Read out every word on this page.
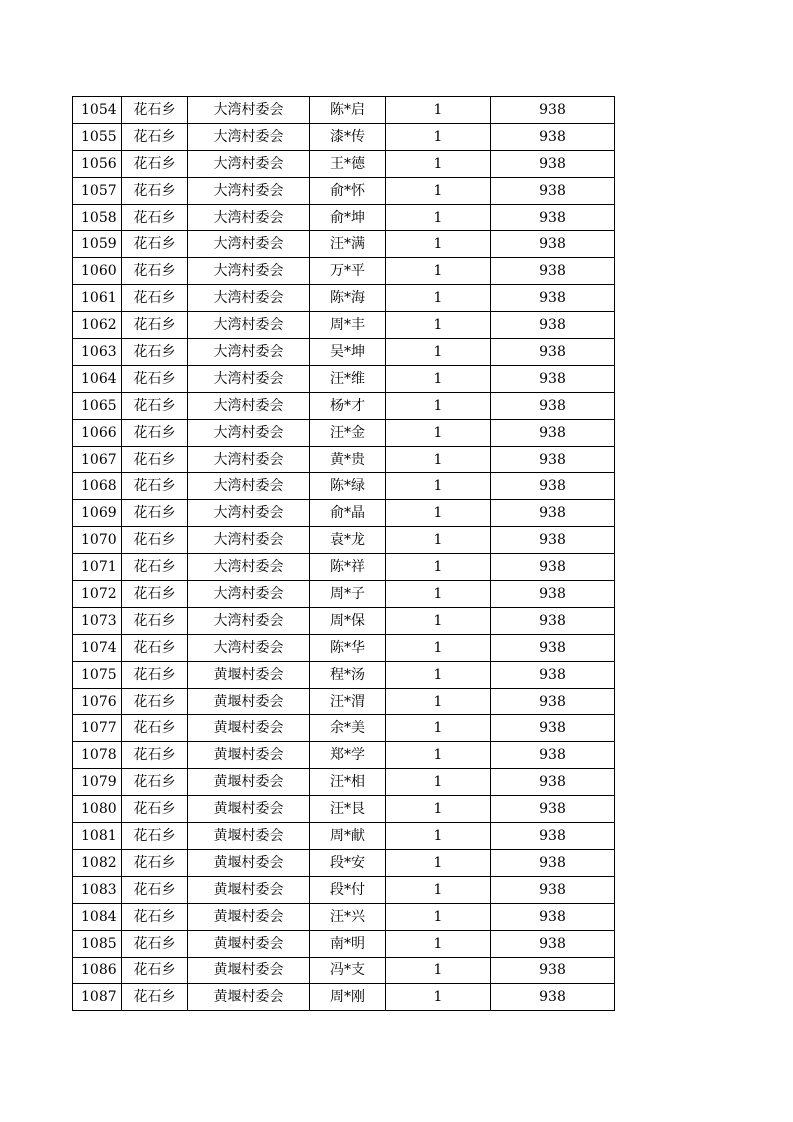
1054	花石乡	大湾村委会	陈*启	1	938
1055	花石乡	大湾村委会	漆*传	1	938
1056	花石乡	大湾村委会	王*德	1	938
1057	花石乡	大湾村委会	俞*怀	1	938
1058	花石乡	大湾村委会	俞*坤	1	938
1059	花石乡	大湾村委会	汪*满	1	938
1060	花石乡	大湾村委会	万*平	1	938
1061	花石乡	大湾村委会	陈*海	1	938
1062	花石乡	大湾村委会	周*丰	1	938
1063	花石乡	大湾村委会	吴*坤	1	938
1064	花石乡	大湾村委会	汪*维	1	938
1065	花石乡	大湾村委会	杨*才	1	938
1066	花石乡	大湾村委会	汪*金	1	938
1067	花石乡	大湾村委会	黄*贵	1	938
1068	花石乡	大湾村委会	陈*绿	1	938
1069	花石乡	大湾村委会	俞*晶	1	938
1070	花石乡	大湾村委会	袁*龙	1	938
1071	花石乡	大湾村委会	陈*祥	1	938
1072	花石乡	大湾村委会	周*子	1	938
1073	花石乡	大湾村委会	周*保	1	938
1074	花石乡	大湾村委会	陈*华	1	938
1075	花石乡	黄堰村委会	程*汤	1	938
1076	花石乡	黄堰村委会	汪*渭	1	938
1077	花石乡	黄堰村委会	余*美	1	938
1078	花石乡	黄堰村委会	郑*学	1	938
1079	花石乡	黄堰村委会	汪*相	1	938
1080	花石乡	黄堰村委会	汪*艮	1	938
1081	花石乡	黄堰村委会	周*献	1	938
1082	花石乡	黄堰村委会	段*安	1	938
1083	花石乡	黄堰村委会	段*付	1	938
1084	花石乡	黄堰村委会	汪*兴	1	938
1085	花石乡	黄堰村委会	南*明	1	938
1086	花石乡	黄堰村委会	冯*支	1	938
1087	花石乡	黄堰村委会	周*刚	1	938
